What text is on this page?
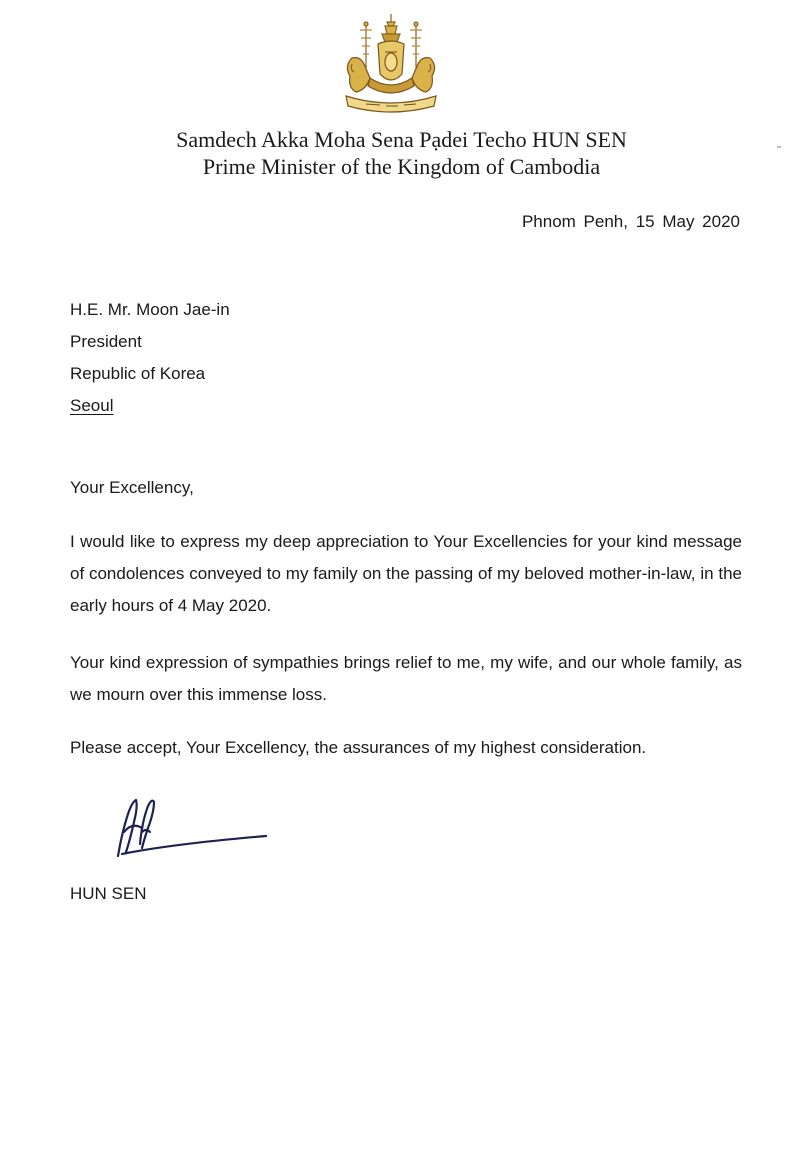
Samdech Akka Moha Sena Pạdei Techo HUN SEN
Prime Minister of the Kingdom of Cambodia
Phnom Penh, 15 May 2020
H.E. Mr. Moon Jae-in
President
Republic of Korea
Seoul
Your Excellency,
I would like to express my deep appreciation to Your Excellencies for your kind message of condolences conveyed to my family on the passing of my beloved mother-in-law, in the early hours of 4 May 2020.
Your kind expression of sympathies brings relief to me, my wife, and our whole family, as we mourn over this immense loss.
Please accept, Your Excellency, the assurances of my highest consideration.
HUN SEN
